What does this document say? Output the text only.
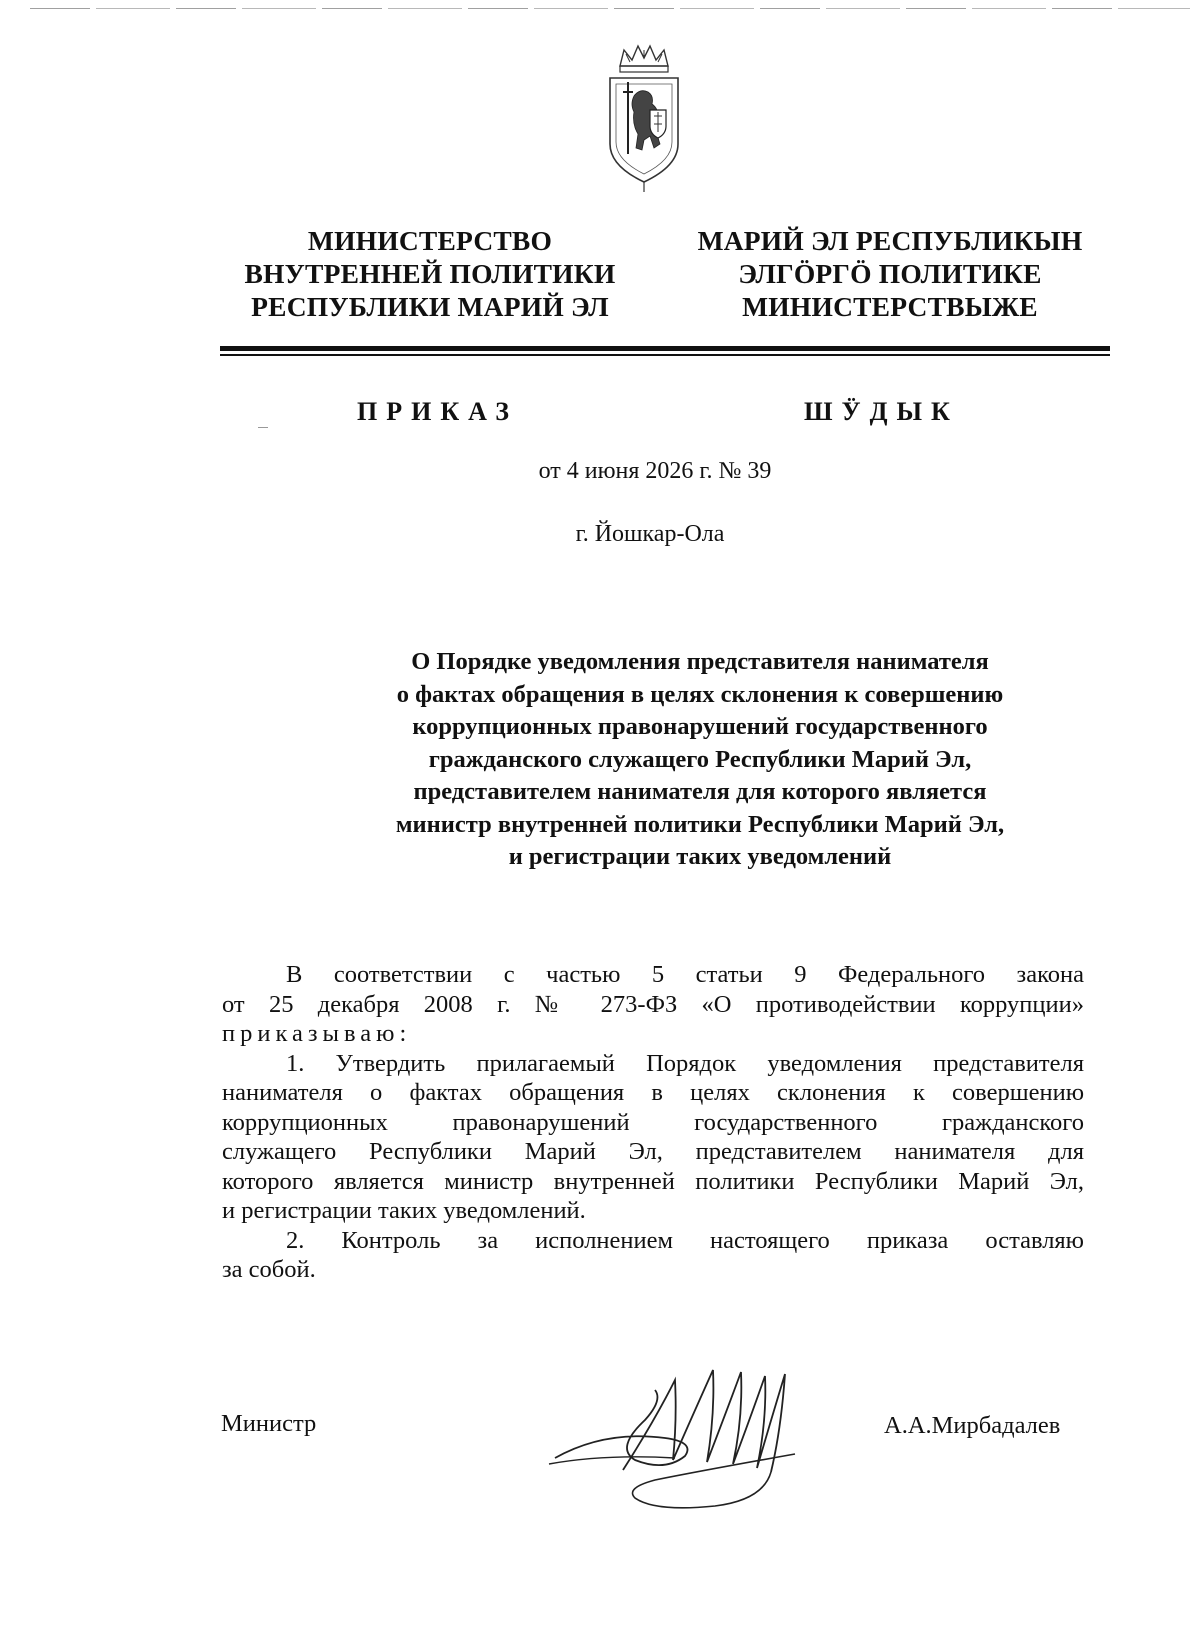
МИНИСТЕРСТВО
ВНУТРЕННЕЙ ПОЛИТИКИ
РЕСПУБЛИКИ МАРИЙ ЭЛ
МАРИЙ ЭЛ РЕСПУБЛИКЫН
ЭЛГӦРГӦ ПОЛИТИКЕ
МИНИСТЕРСТВЫЖЕ
ПРИКАЗ	ШӰДЫК
от 4 июня 2026 г. № 39
г. Йошкар-Ола
О Порядке уведомления представителя нанимателя
о фактах обращения в целях склонения к совершению
коррупционных правонарушений государственного
гражданского служащего Республики Марий Эл,
представителем нанимателя для которого является
министр внутренней политики Республики Марий Эл,
и регистрации таких уведомлений

В соответствии с частью 5 статьи 9 Федерального закона

от 25 декабря 2008 г. № 273-ФЗ «О противодействии коррупции»

приказываю:

1. Утвердить прилагаемый Порядок уведомления представителя

нанимателя о фактах обращения в целях склонения к совершению

коррупционных правонарушений государственного гражданского

служащего Республики Марий Эл, представителем нанимателя для

которого является министр внутренней политики Республики Марий Эл,

и регистрации таких уведомлений.

2. Контроль за исполнением настоящего приказа оставляю

за собой.

Министр	А.А.Мирбадалев
